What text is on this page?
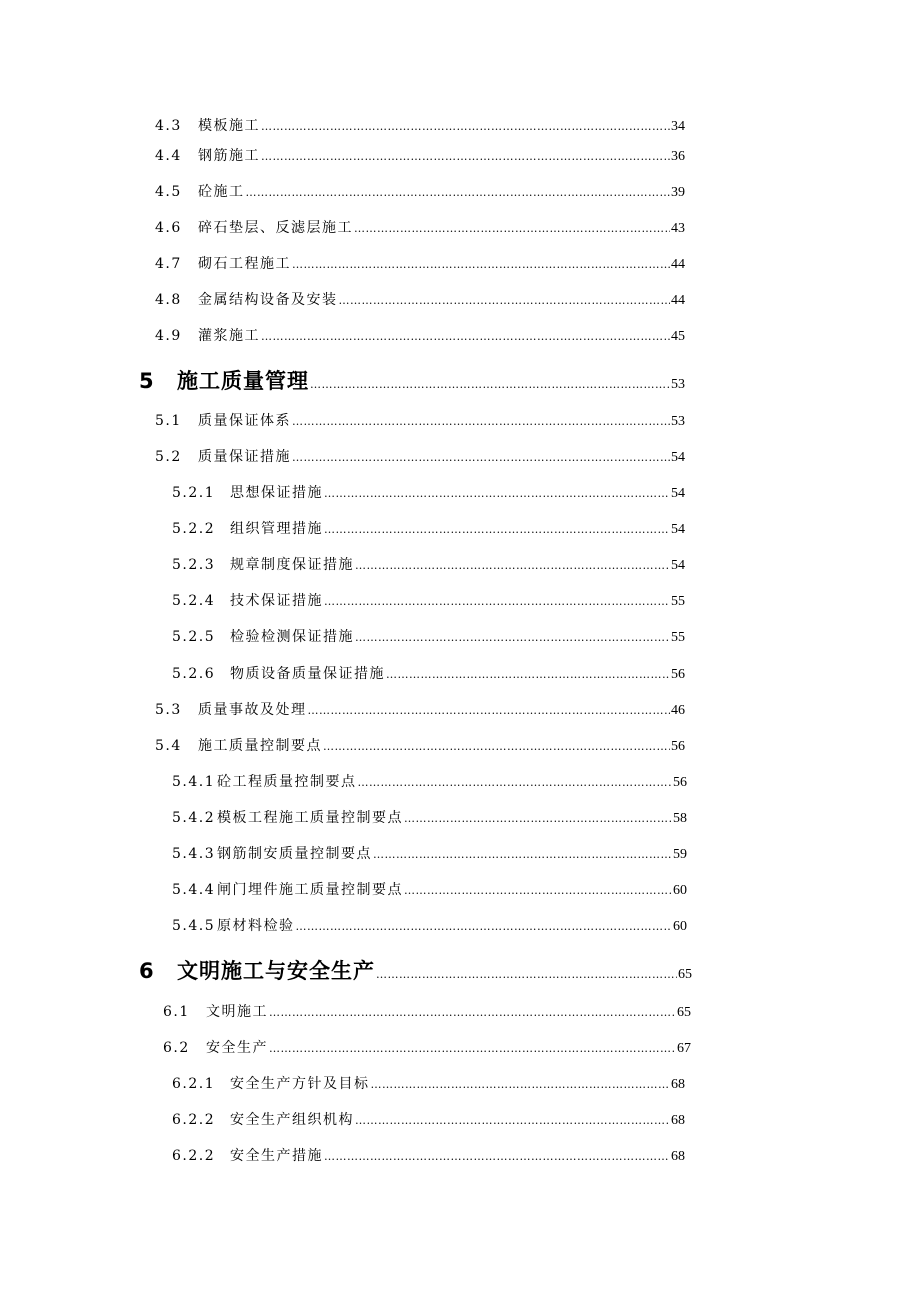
4.3	模板施工 ………………………………………………………………………………………………………………………………………………………………………………………………………………	34
4.4	钢筋施工 ………………………………………………………………………………………………………………………………………………………………………………………………………………	36
4.5	砼施工 ………………………………………………………………………………………………………………………………………………………………………………………………………………	39
4.6	碎石垫层、反滤层施工 ………………………………………………………………………………………………………………………………………………………………………………………………………………	43
4.7	砌石工程施工 ………………………………………………………………………………………………………………………………………………………………………………………………………………	44
4.8	金属结构设备及安装 ………………………………………………………………………………………………………………………………………………………………………………………………………………	44
4.9	灌浆施工 ………………………………………………………………………………………………………………………………………………………………………………………………………………	45
5	施工质量管理 ………………………………………………………………………………………………………………………………………………………………………………………………………………	53
5.1	质量保证体系 ………………………………………………………………………………………………………………………………………………………………………………………………………………	53
5.2	质量保证措施 ………………………………………………………………………………………………………………………………………………………………………………………………………………	54
5.2.1	思想保证措施 ………………………………………………………………………………………………………………………………………………………………………………………………………………	54
5.2.2	组织管理措施 ………………………………………………………………………………………………………………………………………………………………………………………………………………	54
5.2.3	规章制度保证措施 ………………………………………………………………………………………………………………………………………………………………………………………………………………	54
5.2.4	技术保证措施 ………………………………………………………………………………………………………………………………………………………………………………………………………………	55
5.2.5	检验检测保证措施 ………………………………………………………………………………………………………………………………………………………………………………………………………………	55
5.2.6	物质设备质量保证措施 ………………………………………………………………………………………………………………………………………………………………………………………………………………	56
5.3	质量事故及处理 ………………………………………………………………………………………………………………………………………………………………………………………………………………	46
5.4	施工质量控制要点 ………………………………………………………………………………………………………………………………………………………………………………………………………………	56
5.4.1 砼工程质量控制要点 ………………………………………………………………………………………………………………………………………………………………………………………………………………	56
5.4.2 模板工程施工质量控制要点 ………………………………………………………………………………………………………………………………………………………………………………………………………………	58
5.4.3 钢筋制安质量控制要点 ………………………………………………………………………………………………………………………………………………………………………………………………………………	59
5.4.4 闸门埋件施工质量控制要点 ………………………………………………………………………………………………………………………………………………………………………………………………………………	60
5.4.5 原材料检验 ………………………………………………………………………………………………………………………………………………………………………………………………………………	60
6	文明施工与安全生产 ………………………………………………………………………………………………………………………………………………………………………………………………………………	65
6.1	文明施工 ………………………………………………………………………………………………………………………………………………………………………………………………………………	65
6.2	安全生产 ………………………………………………………………………………………………………………………………………………………………………………………………………………	67
6.2.1	安全生产方针及目标 ………………………………………………………………………………………………………………………………………………………………………………………………………………	68
6.2.2	安全生产组织机构 ………………………………………………………………………………………………………………………………………………………………………………………………………………	68
6.2.2	安全生产措施 ………………………………………………………………………………………………………………………………………………………………………………………………………………	68
